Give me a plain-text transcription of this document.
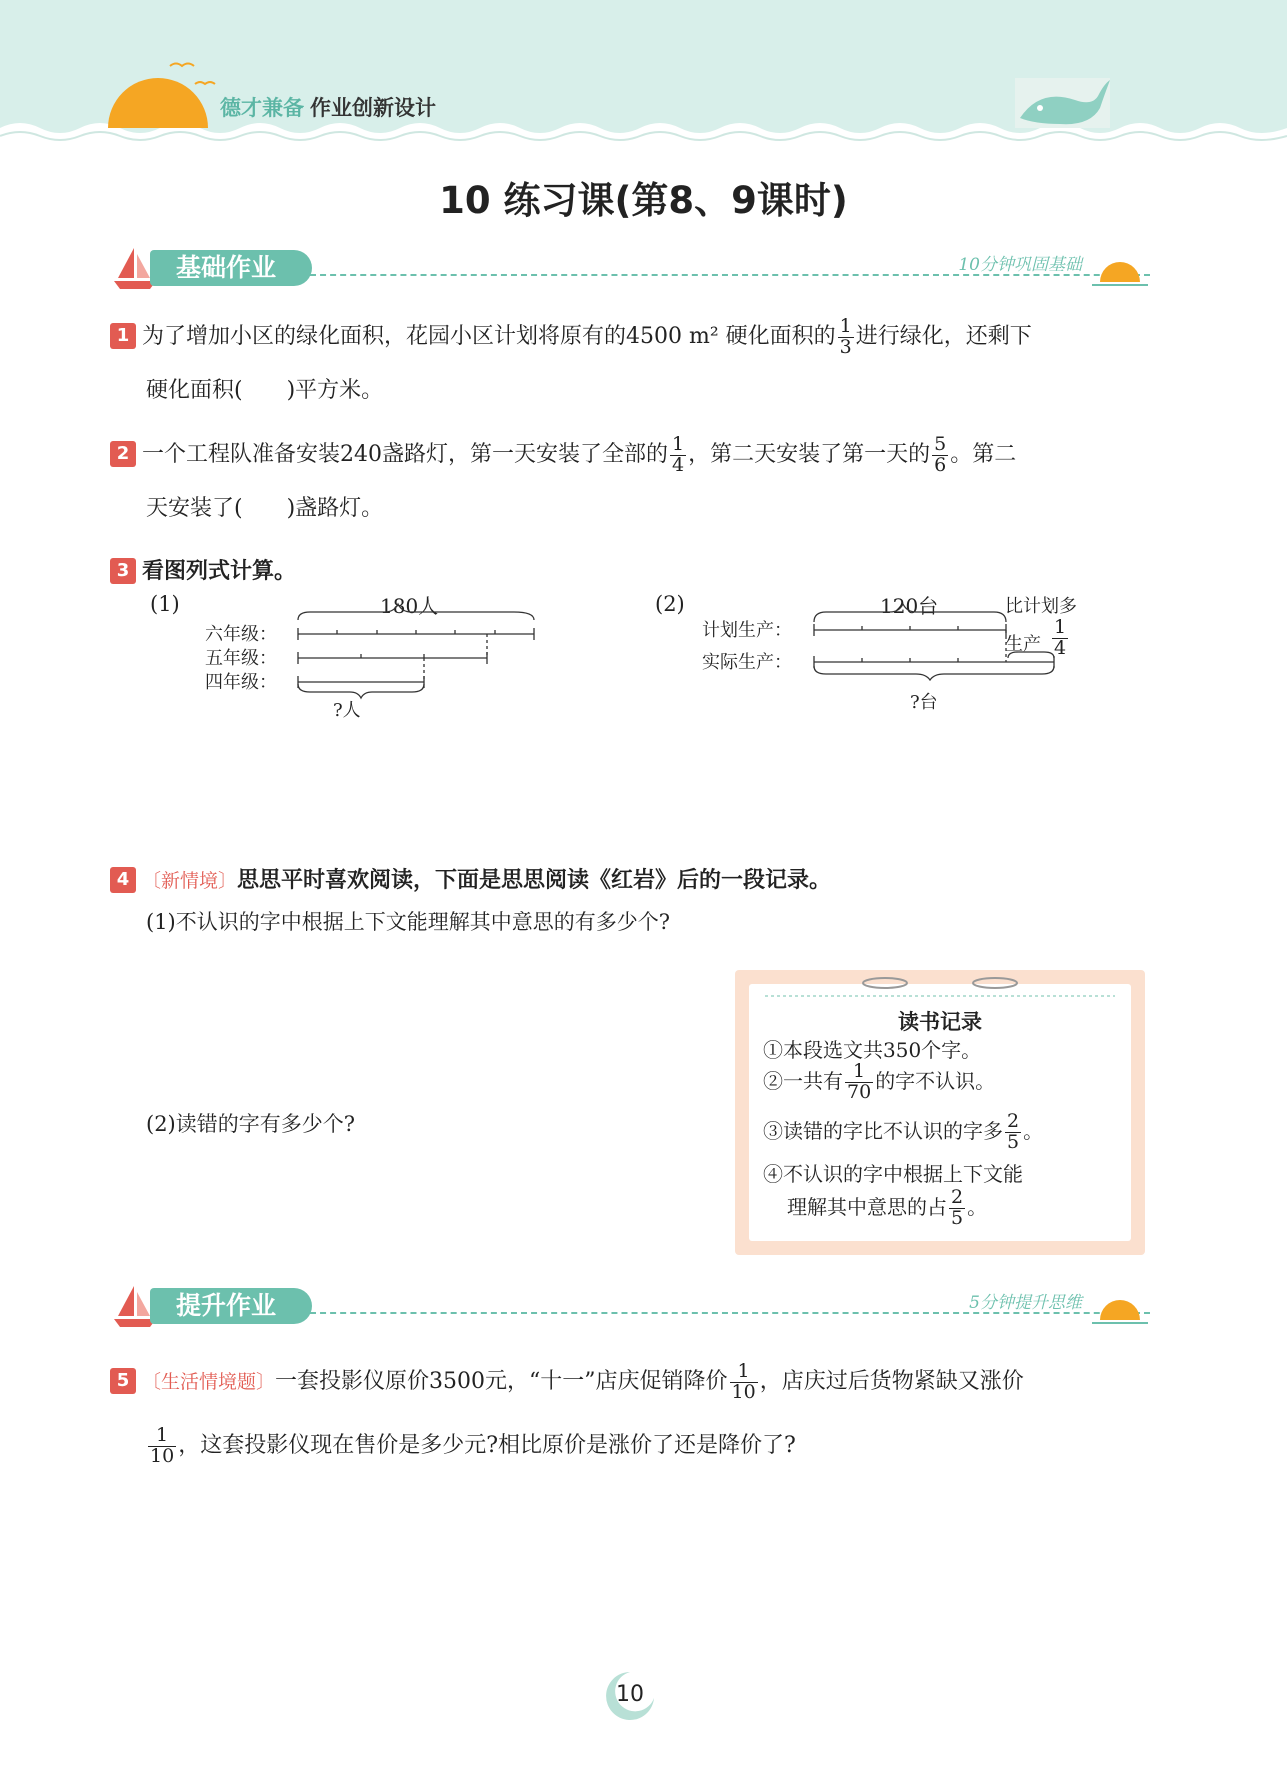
德才兼备 作业创新设计
10 练习课(第8、9课时)
基础作业	10分钟巩固基础
1 为了增加小区的绿化面积，花园小区计划将原有的4500 m² 硬化面积的 $\frac{1}{3}$ 进行绿化，还剩下
硬化面积(　　)平方米。
2 一个工程队准备安装240盏路灯，第一天安装了全部的 $\frac{1}{4}$ ，第二天安装了第一天的 $\frac{5}{6}$ 。第二
天安装了(　　)盏路灯。
3 看图列式计算。
(1)	180人
六年级：
五年级：
四年级：
?人
(2)	120台
计划生产：
实际生产：
比计划多
生产 $\frac{1}{4}$
?台
4 〔新情境〕思思平时喜欢阅读，下面是思思阅读《红岩》后的一段记录。
(1)不认识的字中根据上下文能理解其中意思的有多少个?
(2)读错的字有多少个?
读书记录
①本段选文共350个字。
②一共有 $\frac{1}{70}$ 的字不认识。
③读错的字比不认识的字多 $\frac{2}{5}$ 。
④不认识的字中根据上下文能
理解其中意思的占 $\frac{2}{5}$ 。
提升作业	5分钟提升思维
5 〔生活情境题〕一套投影仪原价3500元，“十一”店庆促销降价 $\frac{1}{10}$ ，店庆过后货物紧缺又涨价
$\frac{1}{10}$ ，这套投影仪现在售价是多少元?相比原价是涨价了还是降价了?
10
